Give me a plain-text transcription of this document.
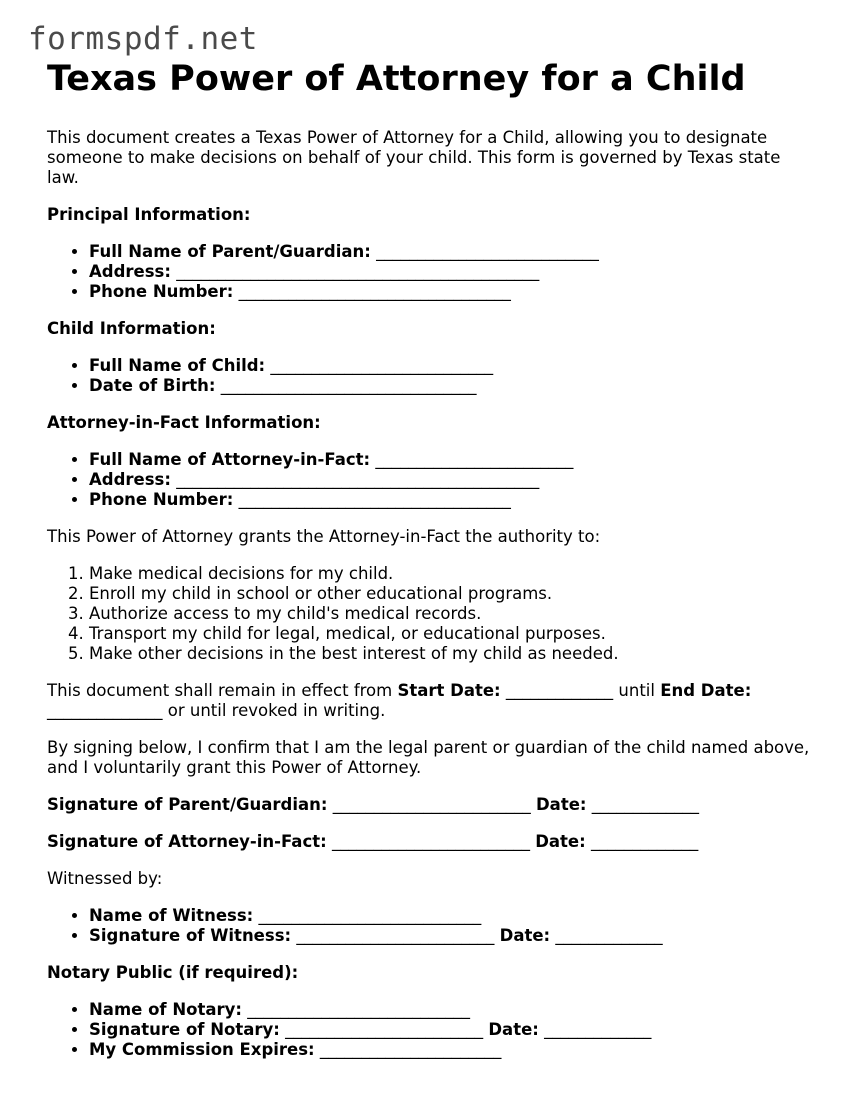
formspdf.net
Texas Power of Attorney for a Child

This document creates a Texas Power of Attorney for a Child, allowing you to designate someone to make decisions on behalf of your child. This form is governed by Texas state law.

Principal Information:
• Full Name of Parent/Guardian: ___________________________
• Address: ____________________________________________
• Phone Number: _________________________________
Child Information:
• Full Name of Child: ___________________________
• Date of Birth: _______________________________
Attorney-in-Fact Information:
• Full Name of Attorney-in-Fact: ________________________
• Address: ____________________________________________
• Phone Number: _________________________________

This Power of Attorney grants the Attorney-in-Fact the authority to:

1. Make medical decisions for my child.
2. Enroll my child in school or other educational programs.
3. Authorize access to my child's medical records.
4. Transport my child for legal, medical, or educational purposes.
5. Make other decisions in the best interest of my child as needed.

This document shall remain in effect from Start Date: _____________ until End Date: ______________ or until revoked in writing.

By signing below, I confirm that I am the legal parent or guardian of the child named above, and I voluntarily grant this Power of Attorney.

Signature of Parent/Guardian: ________________________ Date: _____________

Signature of Attorney-in-Fact: ________________________ Date: _____________

Witnessed by:

• Name of Witness: ___________________________
• Signature of Witness: ________________________ Date: _____________
Notary Public (if required):
• Name of Notary: ___________________________
• Signature of Notary: ________________________ Date: _____________
• My Commission Expires: ______________________
